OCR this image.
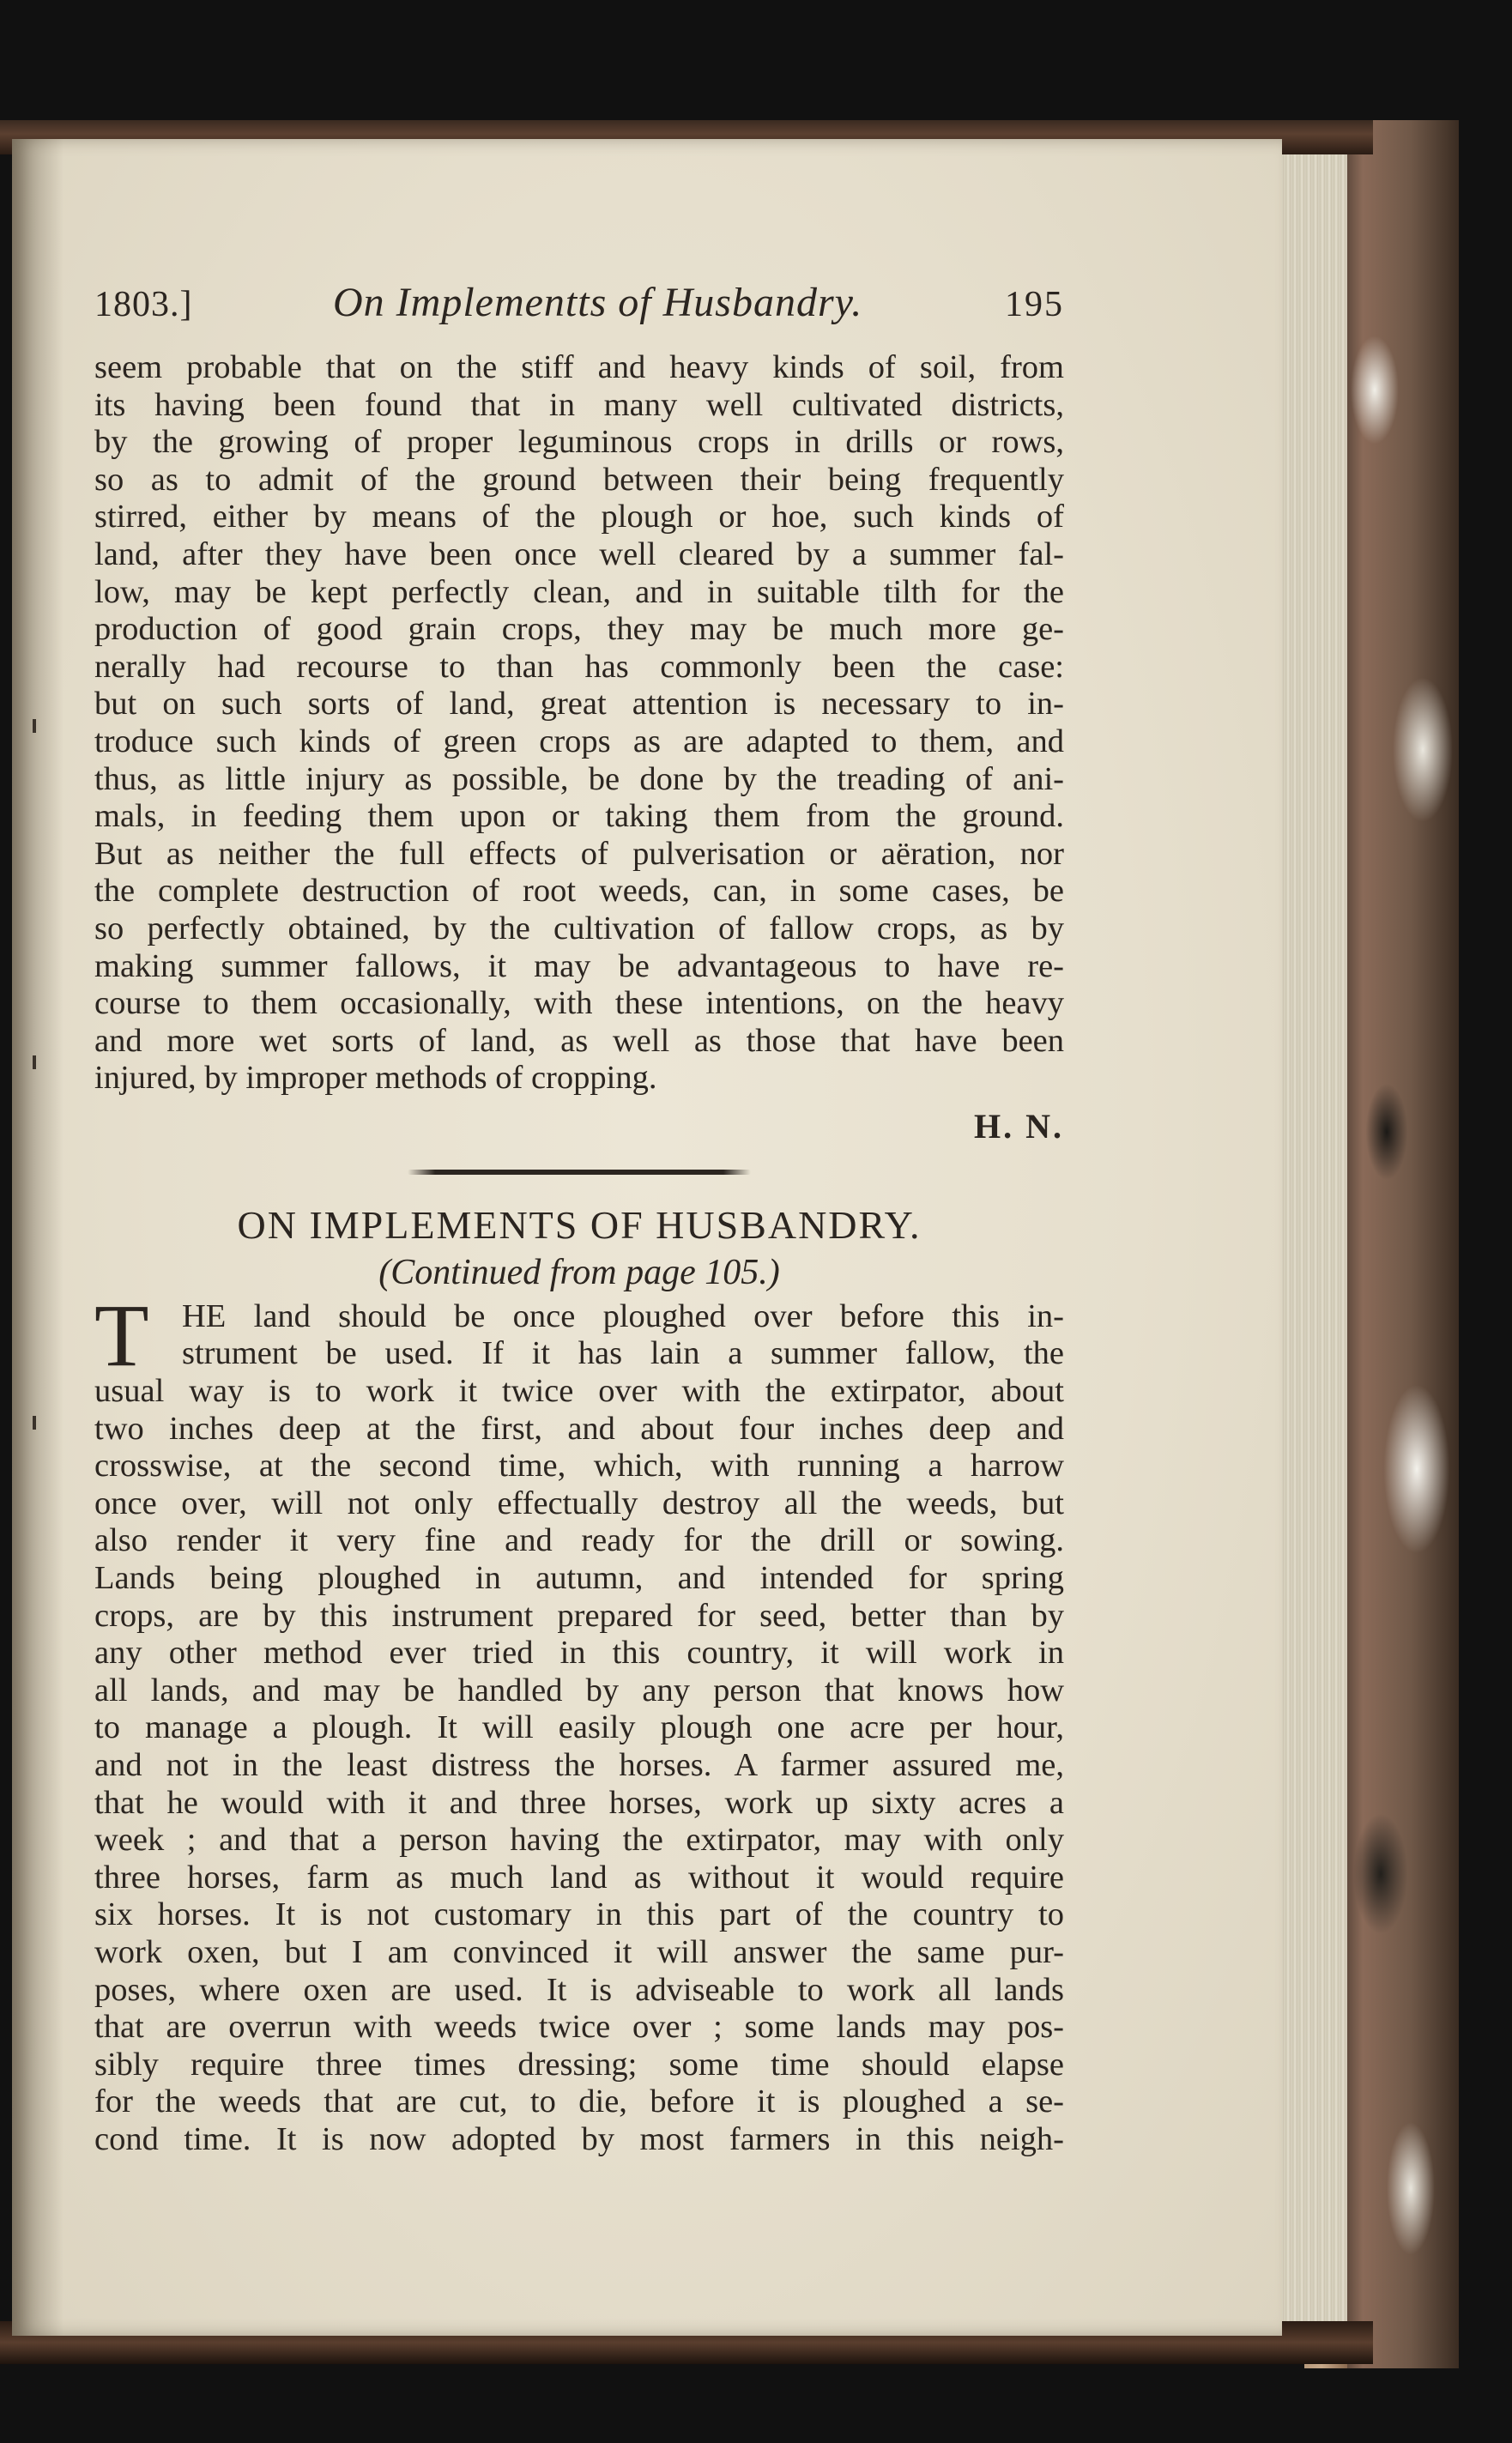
1803.]	On Implementts of Husbandry.	195
seem probable that on the stiff and heavy kinds of soil, from
its having been found that in many well cultivated districts,
by the growing of proper leguminous crops in drills or rows,
so as to admit of the ground between their being frequently
stirred, either by means of the plough or hoe, such kinds of
land, after they have been once well cleared by a summer fal-
low, may be kept perfectly clean, and in suitable tilth for the
production of good grain crops, they may be much more ge-
nerally had recourse to than has commonly been the case:
but on such sorts of land, great attention is necessary to in-
troduce such kinds of green crops as are adapted to them, and
thus, as little injury as possible, be done by the treading of ani-
mals, in feeding them upon or taking them from the ground.
But as neither the full effects of pulverisation or aëration, nor
the complete destruction of root weeds, can, in some cases, be
so perfectly obtained, by the cultivation of fallow crops, as by
making summer fallows, it may be advantageous to have re-
course to them occasionally, with these intentions, on the heavy
and more wet sorts of land, as well as those that have been
injured, by improper methods of cropping.
H. N.
ON IMPLEMENTS OF HUSBANDRY.
(Continued from page 105.)
T HE land should be once ploughed over before this in-
strument be used. If it has lain a summer fallow, the
usual way is to work it twice over with the extirpator, about
two inches deep at the first, and about four inches deep and
crosswise, at the second time, which, with running a harrow
once over, will not only effectually destroy all the weeds, but
also render it very fine and ready for the drill or sowing.
Lands being ploughed in autumn, and intended for spring
crops, are by this instrument prepared for seed, better than by
any other method ever tried in this country, it will work in
all lands, and may be handled by any person that knows how
to manage a plough. It will easily plough one acre per hour,
and not in the least distress the horses. A farmer assured me,
that he would with it and three horses, work up sixty acres a
week ; and that a person having the extirpator, may with only
three horses, farm as much land as without it would require
six horses. It is not customary in this part of the country to
work oxen, but I am convinced it will answer the same pur-
poses, where oxen are used. It is adviseable to work all lands
that are overrun with weeds twice over ; some lands may pos-
sibly require three times dressing; some time should elapse
for the weeds that are cut, to die, before it is ploughed a se-
cond time. It is now adopted by most farmers in this neigh-
